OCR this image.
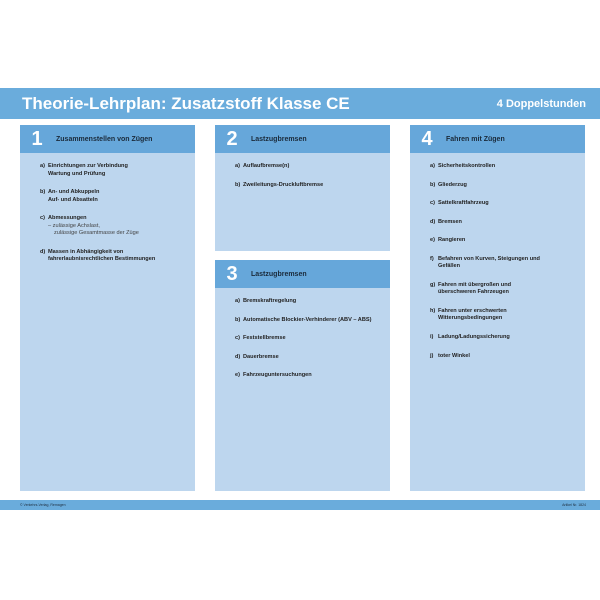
Theorie-Lehrplan: Zusatzstoff Klasse CE	4 Doppelstunden
1	Zusammenstellen von Zügen
a) Einrichtungen zur Verbindung
Wartung und Prüfung
b) An- und Abkuppeln
Auf- und Absatteln
c) Abmessungen
– zulässige Achslast,
zulässige Gesamtmasse der Züge
d) Massen in Abhängigkeit von
fahrerlaubnisrechtlichen Bestimmungen
2	Lastzugbremsen
a) Auflaufbremse(n)
b) Zweileitungs-Druckluftbremse
3	Lastzugbremsen
a) Bremskraftregelung
b) Automatische Blockier-Verhinderer (ABV – ABS)
c) Feststellbremse
d) Dauerbremse
e) Fahrzeuguntersuchungen
4	Fahren mit Zügen
a) Sicherheitskontrollen
b) Gliederzug
c) Sattelkraftfahrzeug
d) Bremsen
e) Rangieren
f) Befahren von Kurven, Steigungen und
Gefällen
g) Fahren mit übergroßen und
überschweren Fahrzeugen
h) Fahren unter erschwerten
Witterungsbedingungen
i) Ladung/Ladungssicherung
j) toter Winkel
© Verkehrs-Verlag, Remagen	Artikel Nr. 1824
